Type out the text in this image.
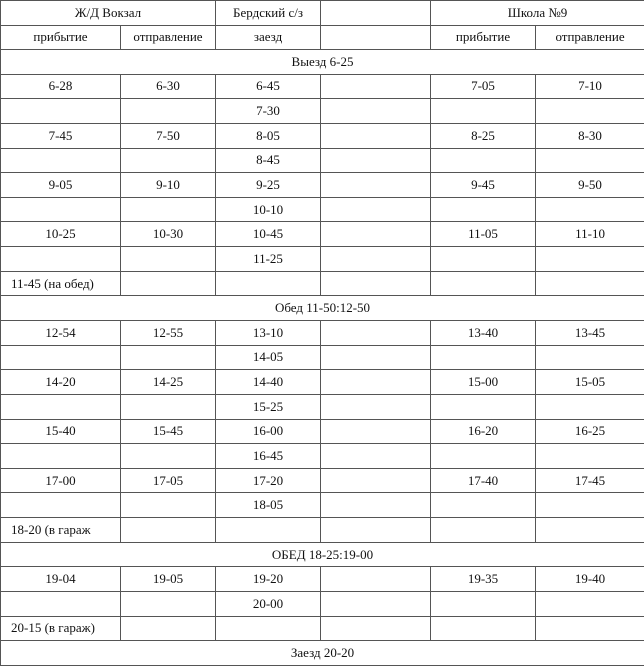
Ж/Д Вокзал		Бердский с/з		Школа №9	
прибытие	отправление	заезд		прибытие	отправление
Выезд 6-25					
6-28	6-30	6-45		7-05	7-10
		7-30			
7-45	7-50	8-05		8-25	8-30
		8-45			
9-05	9-10	9-25		9-45	9-50
		10-10			
10-25	10-30	10-45		11-05	11-10
		11-25			
11-45 (на обед)					
Обед 11-50:12-50					
12-54	12-55	13-10		13-40	13-45
		14-05			
14-20	14-25	14-40		15-00	15-05
		15-25			
15-40	15-45	16-00		16-20	16-25
		16-45			
17-00	17-05	17-20		17-40	17-45
		18-05			
18-20 (в гараж					
ОБЕД 18-25:19-00					
19-04	19-05	19-20		19-35	19-40
		20-00			
20-15 (в гараж)					
Заезд 20-20					
